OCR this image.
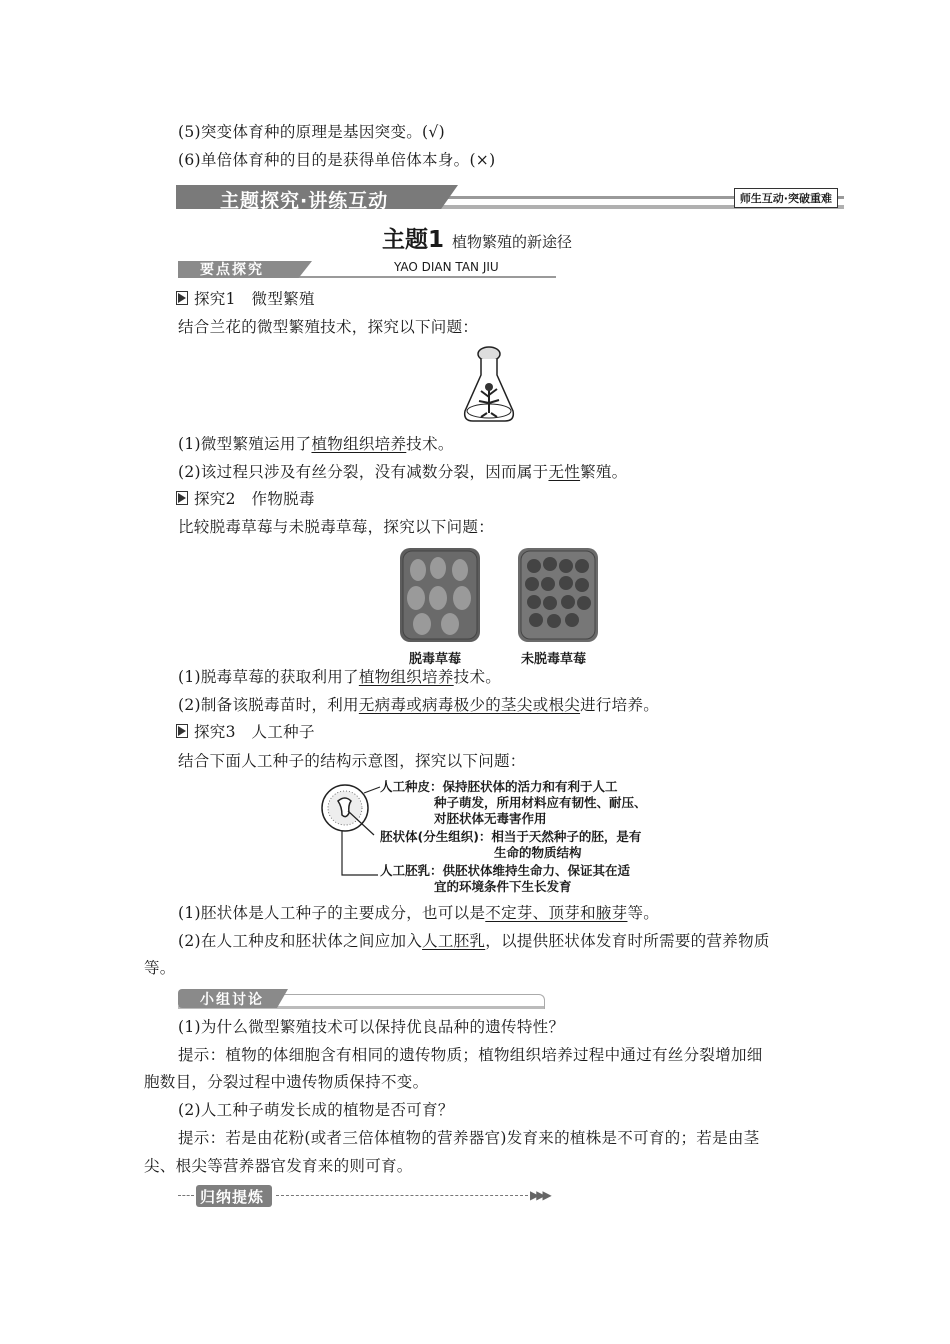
(5)突变体育种的原理是基因突变。(√)
(6)单倍体育种的目的是获得单倍体本身。(×)
主题探究·讲练互动	师生互动·突破重难
主题1 植物繁殖的新途径
要点探究	YAO DIAN TAN JIU
探究1　微型繁殖
结合兰花的微型繁殖技术，探究以下问题：
(1)微型繁殖运用了植物组织培养技术。
(2)该过程只涉及有丝分裂，没有减数分裂，因而属于无性繁殖。
探究2　作物脱毒
比较脱毒草莓与未脱毒草莓，探究以下问题：
脱毒草莓	未脱毒草莓
(1)脱毒草莓的获取利用了植物组织培养技术。
(2)制备该脱毒苗时，利用无病毒或病毒极少的茎尖或根尖进行培养。
探究3　人工种子
结合下面人工种子的结构示意图，探究以下问题：
人工种皮：保持胚状体的活力和有利于人工
种子萌发，所用材料应有韧性、耐压、
对胚状体无毒害作用
胚状体(分生组织)：相当于天然种子的胚，是有
生命的物质结构
人工胚乳：供胚状体维持生命力、保证其在适
宜的环境条件下生长发育
(1)胚状体是人工种子的主要成分，也可以是不定芽、顶芽和腋芽等。
(2)在人工种皮和胚状体之间应加入人工胚乳，以提供胚状体发育时所需要的营养物质
等。
小组讨论
(1)为什么微型繁殖技术可以保持优良品种的遗传特性？
提示：植物的体细胞含有相同的遗传物质；植物组织培养过程中通过有丝分裂增加细
胞数目，分裂过程中遗传物质保持不变。
(2)人工种子萌发长成的植物是否可育？
提示：若是由花粉(或者三倍体植物的营养器官)发育来的植株是不可育的；若是由茎
尖、根尖等营养器官发育来的则可育。
归纳提炼	▶▶▶
